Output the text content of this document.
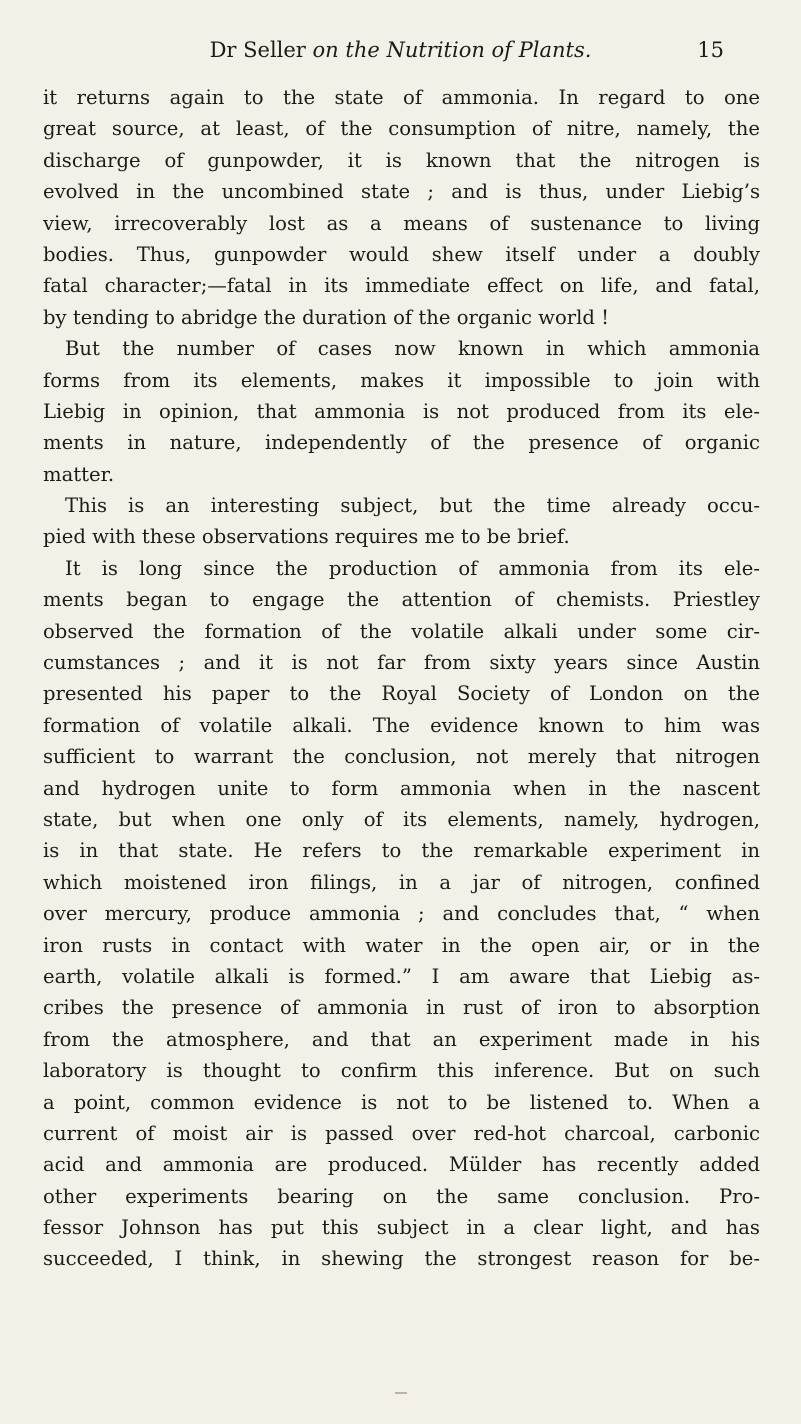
Dr Seller on the Nutrition of Plants.	15
it returns again to the state of ammonia. In regard to one
great source, at least, of the consumption of nitre, namely, the
discharge of gunpowder, it is known that the nitrogen is
evolved in the uncombined state ; and is thus, under Liebig’s
view, irrecoverably lost as a means of sustenance to living
bodies. Thus, gunpowder would shew itself under a doubly
fatal character;—fatal in its immediate effect on life, and fatal,
by tending to abridge the duration of the organic world !
But the number of cases now known in which ammonia
forms from its elements, makes it impossible to join with
Liebig in opinion, that ammonia is not produced from its ele-
ments in nature, independently of the presence of organic
matter.
This is an interesting subject, but the time already occu-
pied with these observations requires me to be brief.
It is long since the production of ammonia from its ele-
ments began to engage the attention of chemists. Priestley
observed the formation of the volatile alkali under some cir-
cumstances ; and it is not far from sixty years since Austin
presented his paper to the Royal Society of London on the
formation of volatile alkali. The evidence known to him was
sufficient to warrant the conclusion, not merely that nitrogen
and hydrogen unite to form ammonia when in the nascent
state, but when one only of its elements, namely, hydrogen,
is in that state. He refers to the remarkable experiment in
which moistened iron filings, in a jar of nitrogen, confined
over mercury, produce ammonia ; and concludes that, “ when
iron rusts in contact with water in the open air, or in the
earth, volatile alkali is formed.” I am aware that Liebig as-
cribes the presence of ammonia in rust of iron to absorption
from the atmosphere, and that an experiment made in his
laboratory is thought to confirm this inference. But on such
a point, common evidence is not to be listened to. When a
current of moist air is passed over red-hot charcoal, carbonic
acid and ammonia are produced. Mülder has recently added
other experiments bearing on the same conclusion. Pro-
fessor Johnson has put this subject in a clear light, and has
succeeded, I think, in shewing the strongest reason for be-
